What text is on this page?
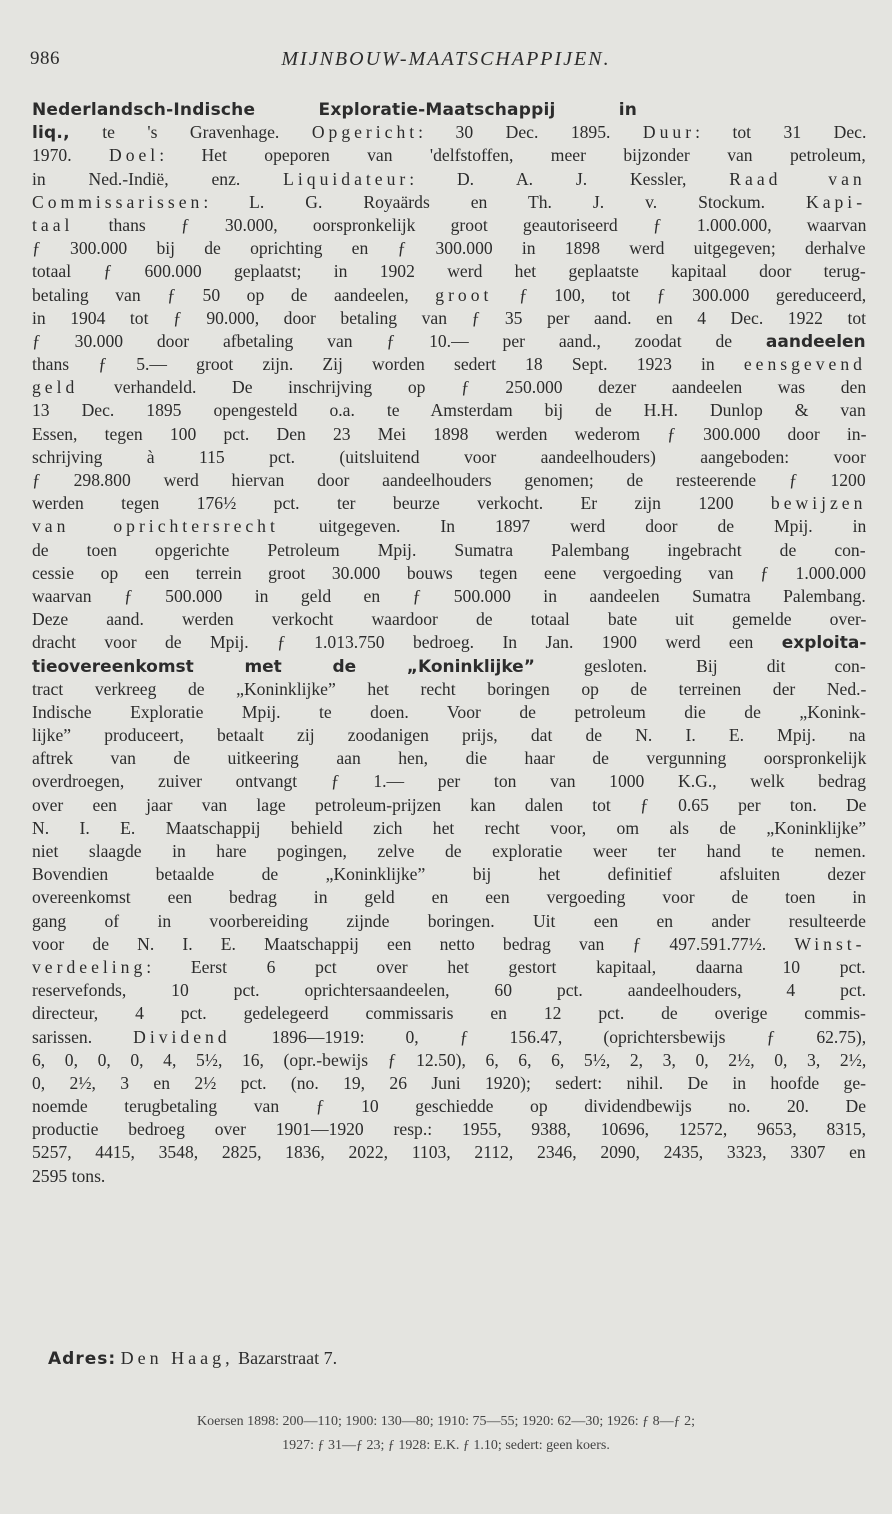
986	MIJNBOUW-MAATSCHAPPIJEN.
Nederlandsch-Indische Exploratie-Maatschappij in
liq., te 's Gravenhage. Opgericht: 30 Dec. 1895. Duur: tot 31 Dec.
1970. Doel: Het opeporen van 'delfstoffen, meer bijzonder van petroleum,
in Ned.-Indië, enz. Liquidateur: D. A. J. Kessler, Raad van
Commissarissen: L. G. Royaärds en Th. J. v. Stockum. Kapi-
taal thans ƒ 30.000, oorspronkelijk groot geautoriseerd ƒ 1.000.000, waarvan
ƒ 300.000 bij de oprichting en ƒ 300.000 in 1898 werd uitgegeven; derhalve
totaal ƒ 600.000 geplaatst; in 1902 werd het geplaatste kapitaal door terug-
betaling van ƒ 50 op de aandeelen, groot ƒ 100, tot ƒ 300.000 gereduceerd,
in 1904 tot ƒ 90.000, door betaling van ƒ 35 per aand. en 4 Dec. 1922 tot
ƒ 30.000 door afbetaling van ƒ 10.— per aand., zoodat de aandeelen
thans ƒ 5.— groot zijn. Zij worden sedert 18 Sept. 1923 in eensgevend
geld verhandeld. De inschrijving op ƒ 250.000 dezer aandeelen was den
13 Dec. 1895 opengesteld o.a. te Amsterdam bij de H.H. Dunlop & van
Essen, tegen 100 pct. Den 23 Mei 1898 werden wederom ƒ 300.000 door in-
schrijving à 115 pct. (uitsluitend voor aandeelhouders) aangeboden: voor
ƒ 298.800 werd hiervan door aandeelhouders genomen; de resteerende ƒ 1200
werden tegen 176½ pct. ter beurze verkocht. Er zijn 1200 bewijzen
van oprichtersrecht uitgegeven. In 1897 werd door de Mpij. in
de toen opgerichte Petroleum Mpij. Sumatra Palembang ingebracht de con-
cessie op een terrein groot 30.000 bouws tegen eene vergoeding van ƒ 1.000.000
waarvan ƒ 500.000 in geld en ƒ 500.000 in aandeelen Sumatra Palembang.
Deze aand. werden verkocht waardoor de totaal bate uit gemelde over-
dracht voor de Mpij. ƒ 1.013.750 bedroeg. In Jan. 1900 werd een exploita-
tieovereenkomst met de „Koninklijke” gesloten. Bij dit con-
tract verkreeg de „Koninklijke” het recht boringen op de terreinen der Ned.-
Indische Exploratie Mpij. te doen. Voor de petroleum die de „Konink-
lijke” produceert, betaalt zij zoodanigen prijs, dat de N. I. E. Mpij. na
aftrek van de uitkeering aan hen, die haar de vergunning oorspronkelijk
overdroegen, zuiver ontvangt ƒ 1.— per ton van 1000 K.G., welk bedrag
over een jaar van lage petroleum-prijzen kan dalen tot ƒ 0.65 per ton. De
N. I. E. Maatschappij behield zich het recht voor, om als de „Koninklijke”
niet slaagde in hare pogingen, zelve de exploratie weer ter hand te nemen.
Bovendien betaalde de „Koninklijke” bij het definitief afsluiten dezer
overeenkomst een bedrag in geld en een vergoeding voor de toen in
gang of in voorbereiding zijnde boringen. Uit een en ander resulteerde
voor de N. I. E. Maatschappij een netto bedrag van ƒ 497.591.77½. Winst-
verdeeling: Eerst 6 pct over het gestort kapitaal, daarna 10 pct.
reservefonds, 10 pct. oprichtersaandeelen, 60 pct. aandeelhouders, 4 pct.
directeur, 4 pct. gedelegeerd commissaris en 12 pct. de overige commis-
sarissen. Dividend 1896—1919: 0, ƒ 156.47, (oprichtersbewijs ƒ 62.75),
6, 0, 0, 0, 4, 5½, 16, (opr.-bewijs ƒ 12.50), 6, 6, 6, 5½, 2, 3, 0, 2½, 0, 3, 2½,
0, 2½, 3 en 2½ pct. (no. 19, 26 Juni 1920); sedert: nihil. De in hoofde ge-
noemde terugbetaling van ƒ 10 geschiedde op dividendbewijs no. 20. De
productie bedroeg over 1901—1920 resp.: 1955, 9388, 10696, 12572, 9653, 8315,
5257, 4415, 3548, 2825, 1836, 2022, 1103, 2112, 2346, 2090, 2435, 3323, 3307 en
2595 tons.
Adres: Den Haag, Bazarstraat 7.
Koersen 1898: 200—110; 1900: 130—80; 1910: 75—55; 1920: 62—30; 1926: ƒ 8—ƒ 2;
1927: ƒ 31—ƒ 23; ƒ 1928: E.K. ƒ 1.10; sedert: geen koers.
